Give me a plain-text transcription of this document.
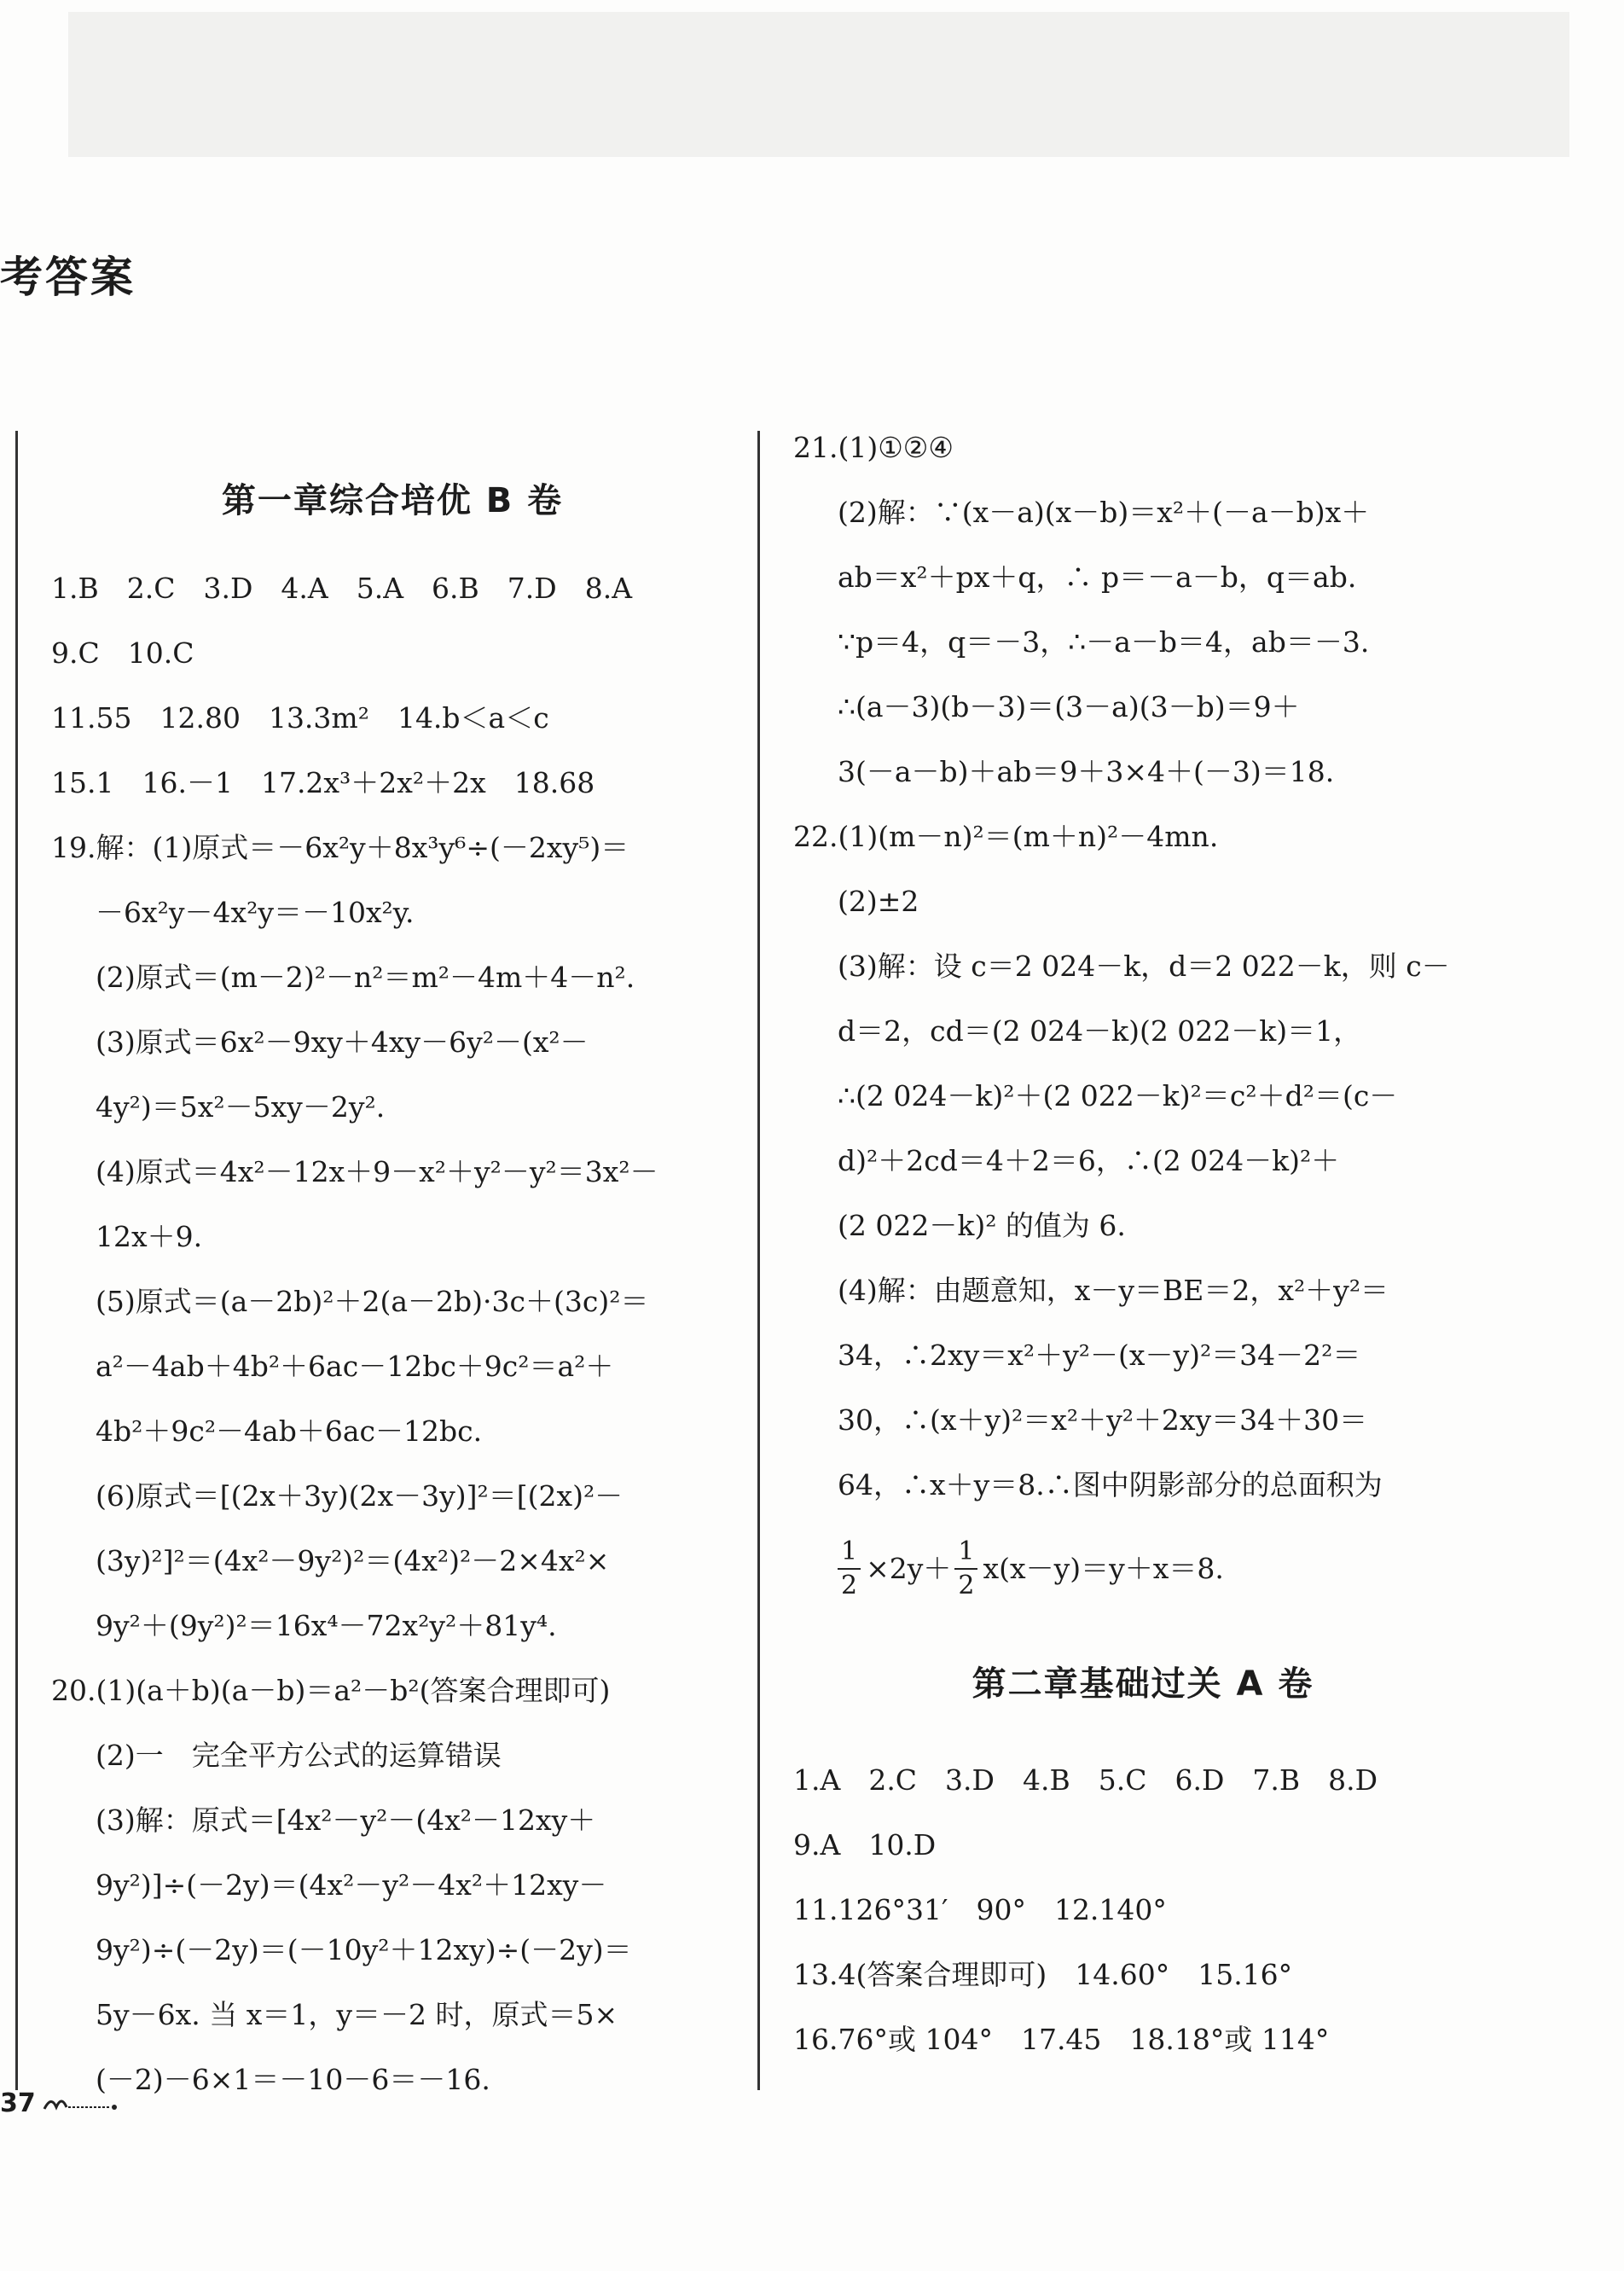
考答案
第一章综合培优 B 卷
1.B　2.C　3.D　4.A　5.A　6.B　7.D　8.A
9.C　10.C
11.55　12.80　13.3m²　14.b＜a＜c
15.1　16.－1　17.2x³＋2x²＋2x　18.68
19.解：(1)原式＝－6x²y＋8x³y⁶÷(－2xy⁵)＝
－6x²y－4x²y＝－10x²y.
(2)原式＝(m－2)²－n²＝m²－4m＋4－n².
(3)原式＝6x²－9xy＋4xy－6y²－(x²－
4y²)＝5x²－5xy－2y².
(4)原式＝4x²－12x＋9－x²＋y²－y²＝3x²－
12x＋9.
(5)原式＝(a－2b)²＋2(a－2b)·3c＋(3c)²＝
a²－4ab＋4b²＋6ac－12bc＋9c²＝a²＋
4b²＋9c²－4ab＋6ac－12bc.
(6)原式＝[(2x＋3y)(2x－3y)]²＝[(2x)²－
(3y)²]²＝(4x²－9y²)²＝(4x²)²－2×4x²×
9y²＋(9y²)²＝16x⁴－72x²y²＋81y⁴.
20.(1)(a＋b)(a－b)＝a²－b²(答案合理即可)
(2)一　完全平方公式的运算错误
(3)解：原式＝[4x²－y²－(4x²－12xy＋
9y²)]÷(－2y)＝(4x²－y²－4x²＋12xy－
9y²)÷(－2y)＝(－10y²＋12xy)÷(－2y)＝
5y－6x. 当 x＝1，y＝－2 时，原式＝5×
(－2)－6×1＝－10－6＝－16.
21.(1)①②④
(2)解：∵(x－a)(x－b)＝x²＋(－a－b)x＋
ab＝x²＋px＋q，∴ p＝－a－b，q＝ab.
∵p＝4，q＝－3，∴－a－b＝4，ab＝－3.
∴(a－3)(b－3)＝(3－a)(3－b)＝9＋
3(－a－b)＋ab＝9＋3×4＋(－3)＝18.
22.(1)(m－n)²＝(m＋n)²－4mn.
(2)±2
(3)解：设 c＝2 024－k，d＝2 022－k，则 c－
d＝2，cd＝(2 024－k)(2 022－k)＝1，
∴(2 024－k)²＋(2 022－k)²＝c²＋d²＝(c－
d)²＋2cd＝4＋2＝6，∴(2 024－k)²＋
(2 022－k)² 的值为 6.
(4)解：由题意知，x－y＝BE＝2，x²＋y²＝
34，∴2xy＝x²＋y²－(x－y)²＝34－2²＝
30，∴(x＋y)²＝x²＋y²＋2xy＝34＋30＝
64，∴x＋y＝8.∴图中阴影部分的总面积为
$\frac{1}{2} \times 2y+ \frac{1}{2} x(x-y)=y+x=8$.
第二章基础过关 A 卷
1.A　2.C　3.D　4.B　5.C　6.D　7.B　8.D
9.A　10.D
11.126°31′　90°　12.140°
13.4(答案合理即可)　14.60°　15.16°
16.76°或 104°　17.45　18.18°或 114°
37
